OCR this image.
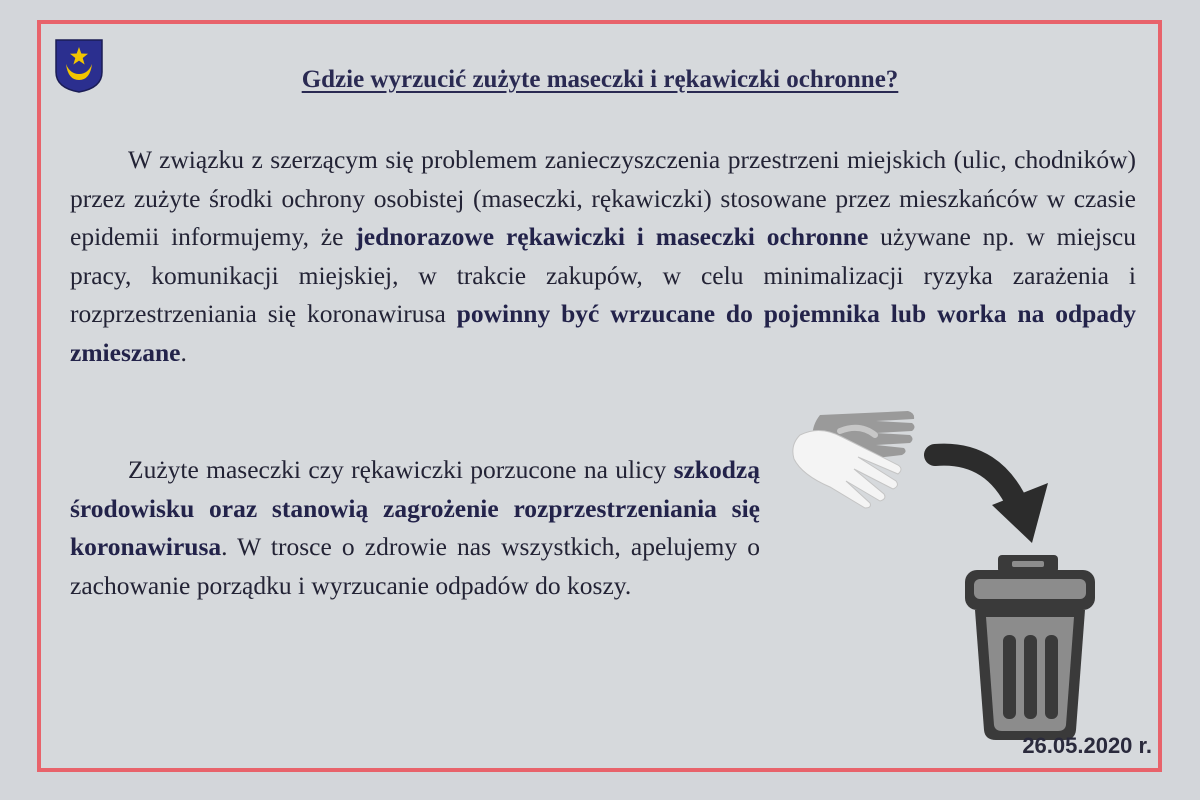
Gdzie wyrzucić zużyte maseczki i rękawiczki ochronne?

W związku z szerzącym się problemem zanieczyszczenia przestrzeni miejskich (ulic, chodników) przez zużyte środki ochrony osobistej (maseczki, rękawiczki) stosowane przez mieszkańców w czasie epidemii informujemy, że jednorazowe rękawiczki i maseczki ochronne używane np. w miejscu pracy, komunikacji miejskiej, w trakcie zakupów, w celu minimalizacji ryzyka zarażenia i rozprzestrzeniania się koronawirusa powinny być wrzucane do pojemnika lub worka na odpady zmieszane.

Zużyte maseczki czy rękawiczki porzucone na ulicy szkodzą środowisku oraz stanowią zagrożenie rozprzestrzeniania się koronawirusa. W trosce o zdrowie nas wszystkich, apelujemy o zachowanie porządku i wyrzucanie odpadów do koszy.

26.05.2020 r.
